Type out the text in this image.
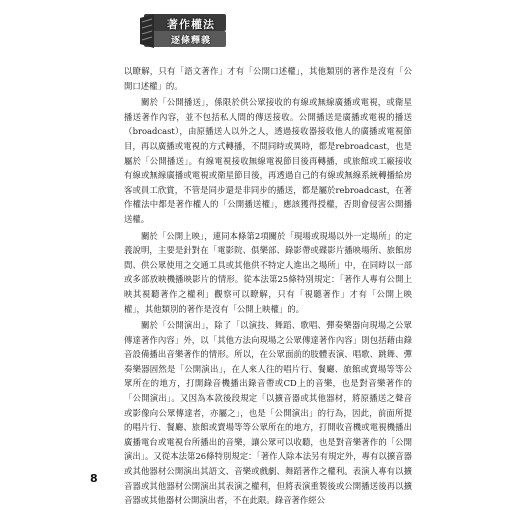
著作權法
逐條釋義

以瞭解，只有「語文著作」才有「公開口述權」，其他類別的著作是沒有「公開口述權」的。

關於「公開播送」，係限於供公眾接收的有線或無線廣播或電視，或衛星播送著作內容，並不包括私人間的傳送接收。公開播送是廣播或電視的播送（broadcast），由原播送人以外之人，透過接收器接收他人的廣播或電視節目，再以廣播或電視的方式轉播，不問同時或異時，都是rebroadcast，也是屬於「公開播送」。有線電視接收無線電視節目後再轉播，或旅館或工廠接收有線或無線廣播或電視或衛星節目後，再透過自己的有線或無線系統轉播給房客或員工欣賞，不管是同步還是非同步的播送，都是屬於rebroadcast，在著作權法中都是著作權人的「公開播送權」，應該獲得授權，否則會侵害公開播送權。

關於「公開上映」，連同本條第2項關於「現場或現場以外一定場所」的定義說明，主要是針對在「電影院、俱樂部、錄影帶或碟影片播映場所、旅館房間、供公眾使用之交通工具或其他供不特定人進出之場所」中，在同時以一部或多部放映機播映影片的情形。從本法第25條特別規定：「著作人專有公開上映其視聽著作之權利」觀察可以瞭解，只有「視聽著作」才有「公開上映權」，其他類別的著作是沒有「公開上映權」的。

關於「公開演出」，除了「以演技、舞蹈、歌唱、彈奏樂器向現場之公眾傳達著作內容」外，以「其他方法向現場之公眾傳達著作內容」則包括藉由錄音設備播出音樂著作的情形。所以，在公眾面前的肢體表演、唱歌、跳舞、彈奏樂器固然是「公開演出」，在人來人往的唱片行、餐廳、旅館或賣場等等公眾所在的地方，打開錄音機播出錄音帶或CD上的音樂，也是對音樂著作的「公開演出」。又因為本款後段規定「以擴音器或其他器材，將原播送之聲音或影像向公眾傳達者，亦屬之」，也是「公開演出」的行為，因此，前面所提的唱片行、餐廳、旅館或賣場等等公眾所在的地方，打開收音機或電視機播出廣播電台或電視台所播出的音樂，讓公眾可以收聽，也是對音樂著作的「公開演出」。又從本法第26條特別規定：「著作人除本法另有規定外，專有以擴音器或其他器材公開演出其語文、音樂或戲劇、舞蹈著作之權利。表演人專有以擴音器或其他器材公開演出其表演之權利，但將表演重製後或公開播送後再以擴音器或其他器材公開演出者，不在此限。錄音著作經公

8
